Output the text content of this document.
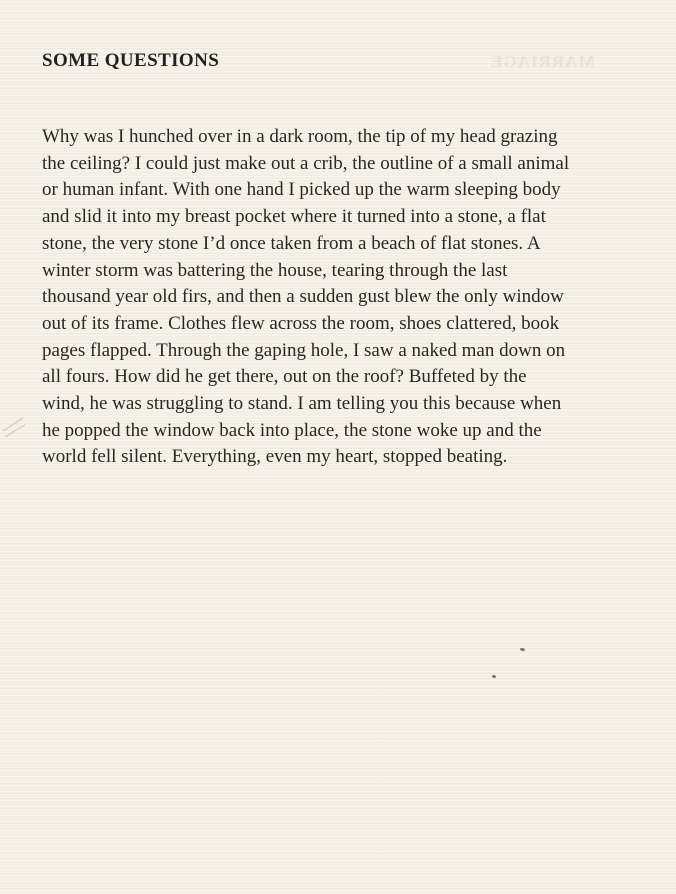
MARRIAGE
SOME QUESTIONS

Why was I hunched over in a dark room, the tip of my head grazing
the ceiling? I could just make out a crib, the outline of a small animal
or human infant. With one hand I picked up the warm sleeping body
and slid it into my breast pocket where it turned into a stone, a flat
stone, the very stone I’d once taken from a beach of flat stones. A
winter storm was battering the house, tearing through the last
thousand year old firs, and then a sudden gust blew the only window
out of its frame. Clothes flew across the room, shoes clattered, book
pages flapped. Through the gaping hole, I saw a naked man down on
all fours. How did he get there, out on the roof? Buffeted by the
wind, he was struggling to stand. I am telling you this because when
he popped the window back into place, the stone woke up and the
world fell silent. Everything, even my heart, stopped beating.
